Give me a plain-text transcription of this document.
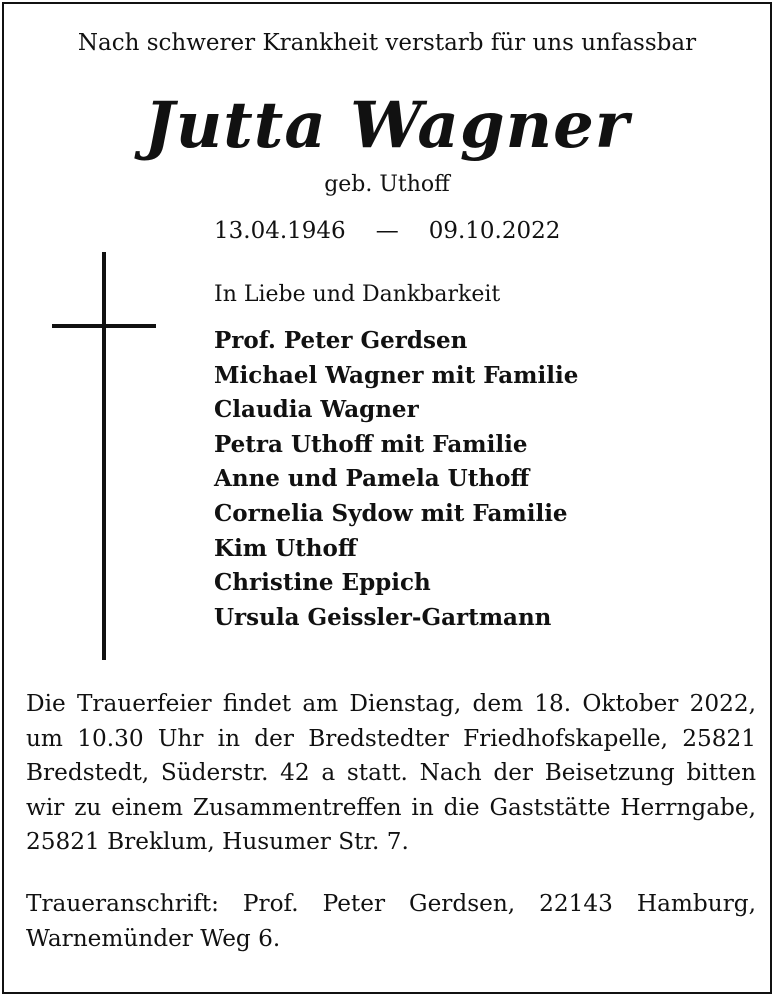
Nach schwerer Krankheit verstarb für uns unfassbar
Jutta Wagner
geb. Uthoff
13.04.1946 — 09.10.2022
In Liebe und Dankbarkeit
Prof. Peter Gerdsen
Michael Wagner mit Familie
Claudia Wagner
Petra Uthoff mit Familie
Anne und Pamela Uthoff
Cornelia Sydow mit Familie
Kim Uthoff
Christine Eppich
Ursula Geissler-Gartmann
Die Trauerfeier findet am Dienstag, dem 18. Oktober 2022, um 10.30 Uhr in der Bredstedter Friedhofskapelle, 25821 Bredstedt, Süderstr. 42 a statt. Nach der Beisetzung bitten wir zu einem Zusammentreffen in die Gaststätte Herrngabe, 25821 Breklum, Husumer Str. 7.
Traueranschrift: Prof. Peter Gerdsen, 22143 Hamburg, Warnemünder Weg 6.
